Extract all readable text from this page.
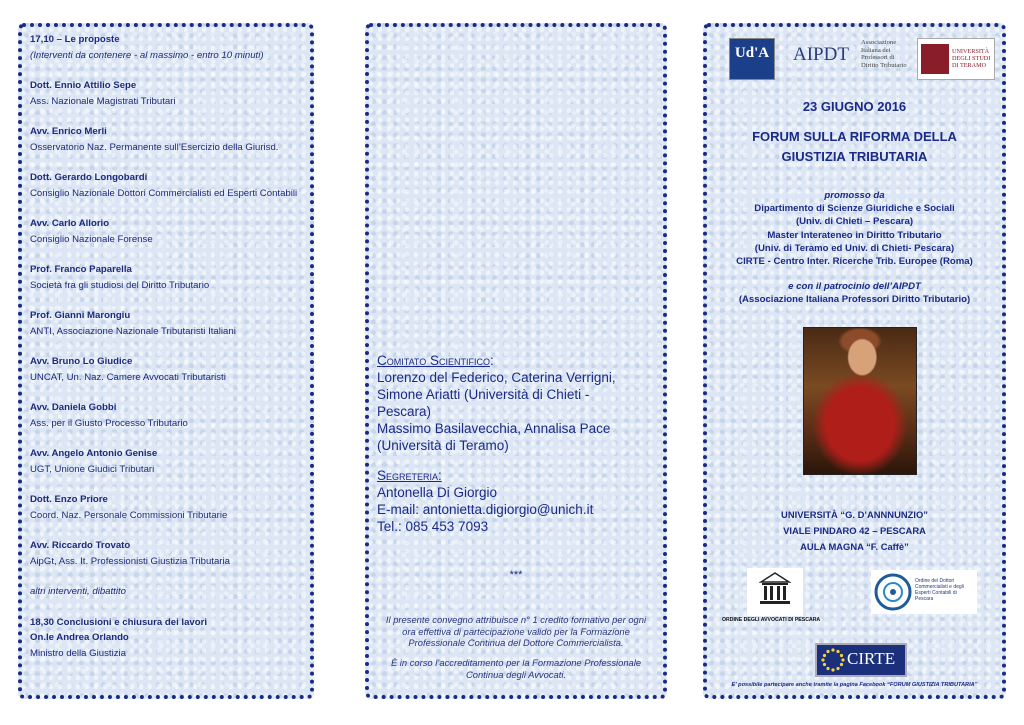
17,10 – Le proposte
(Interventi da contenere - al massimo - entro 10 minuti)
Dott. Ennio Attilio Sepe
Ass. Nazionale Magistrati Tributari
Avv. Enrico Merli
Osservatorio Naz. Permanente sull’Esercizio della Giurisd.
Dott. Gerardo Longobardi
Consiglio Nazionale Dottori Commercialisti ed Esperti Contabili
Avv. Carlo Allorio
Consiglio Nazionale Forense
Prof. Franco Paparella
Società fra gli studiosi del Diritto Tributario
Prof. Gianni Marongiu
ANTI, Associazione Nazionale Tributaristi Italiani
Avv. Bruno Lo Giudice
UNCAT, Un. Naz. Camere Avvocati Tributaristi
Avv. Daniela Gobbi
Ass. per il Giusto Processo Tributario
Avv. Angelo Antonio Genise
UGT, Unione Giudici Tributari
Dott. Enzo Priore
Coord. Naz. Personale Commissioni Tributarie
Avv. Riccardo Trovato
AipGt, Ass. It. Professionisti Giustizia Tributaria
altri interventi, dibattito
18,30 Conclusioni e chiusura dei lavori
On.le Andrea Orlando
Ministro della Giustizia
Comitato Scientifico:
Lorenzo del Federico, Caterina Verrigni,
Simone Ariatti (Università di Chieti -
Pescara)
Massimo Basilavecchia, Annalisa Pace
(Università di Teramo)
Segreteria:
Antonella Di Giorgio
E-mail: antonietta.digiorgio@unich.it
Tel.: 085 453 7093
***
Il presente convegno attribuisce n° 1 credito formativo per ogni ora effettiva di partecipazione valido per la Formazione Professionale Continua del Dottore Commercialista.
È in corso l’accreditamento per la Formazione Professionale Continua degli Avvocati.
Ud'A AIPDT
Associazione Italiana dei Professori di Diritto Tributario
UNIVERSITÀ DEGLI STUDI DI TERAMO
23 GIUGNO 2016
FORUM SULLA RIFORMA DELLA
GIUSTIZIA TRIBUTARIA
promosso da
Dipartimento di Scienze Giuridiche e Sociali
(Univ. di Chieti – Pescara)
Master Interateneo in Diritto Tributario
(Univ. di Teramo ed Univ. di Chieti- Pescara)
CIRTE - Centro Inter. Ricerche Trib. Europee (Roma)
e con il patrocinio dell’AIPDT
(Associazione Italiana Professori Diritto Tributario)
UNIVERSITÀ “G. D’ANNNUNZIO”
VIALE PINDARO 42 – PESCARA
AULA MAGNA “F. Caffè”
ORDINE DEGLI AVVOCATI DI PESCARA
Ordine dei Dottori Commercialisti e degli Esperti Contabili di Pescara
CIRTE
E’ possibile partecipare anche tramite la pagina Facebook “FORUM GIUSTIZIA TRIBUTARIA”
